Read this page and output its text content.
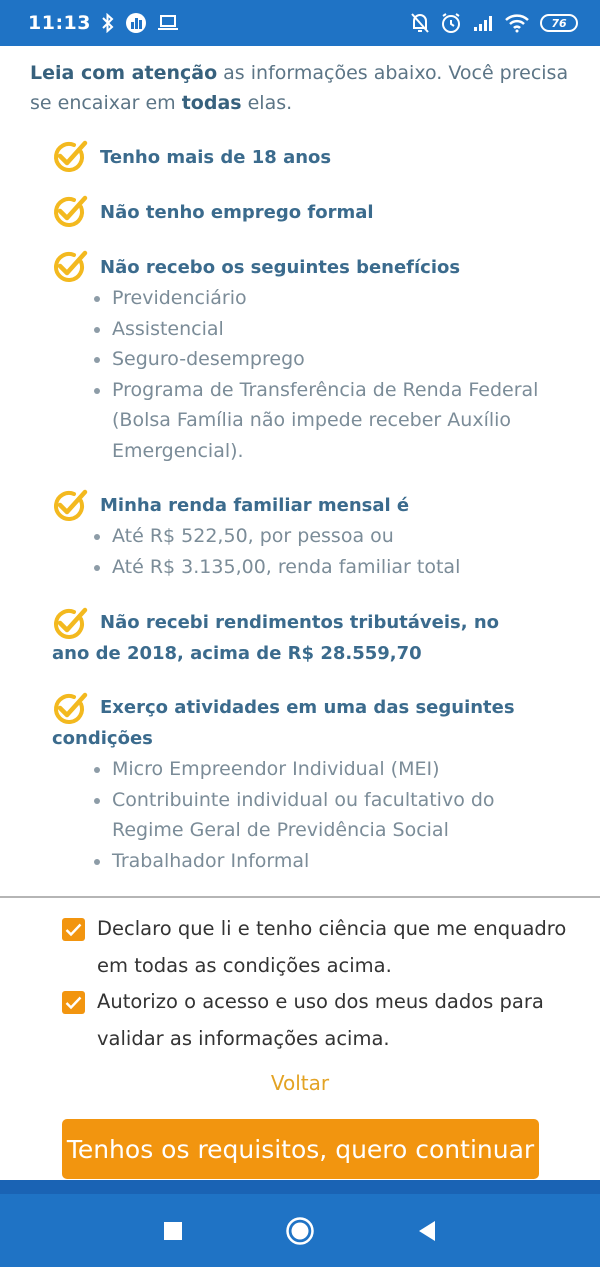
11:13	76

Leia com atenção as informações abaixo. Você precisa se encaixar em todas elas.

Tenho mais de 18 anos
Não tenho emprego formal
Não recebo os seguintes benefícios
Previdenciário
Assistencial
Seguro-desemprego
Programa de Transferência de Renda Federal (Bolsa Família não impede receber Auxílio Emergencial).
Minha renda familiar mensal é
Até R$ 522,50, por pessoa ou
Até R$ 3.135,00, renda familiar total
Não recebi rendimentos tributáveis, no
ano de 2018, acima de R$ 28.559,70
Exerço atividades em uma das seguintes
condições
Micro Empreendor Individual (MEI)
Contribuinte individual ou facultativo do Regime Geral de Previdência Social
Trabalhador Informal
Declaro que li e tenho ciência que me enquadro em todas as condições acima.
Autorizo o acesso e uso dos meus dados para validar as informações acima.
Voltar
Tenhos os requisitos, quero continuar
